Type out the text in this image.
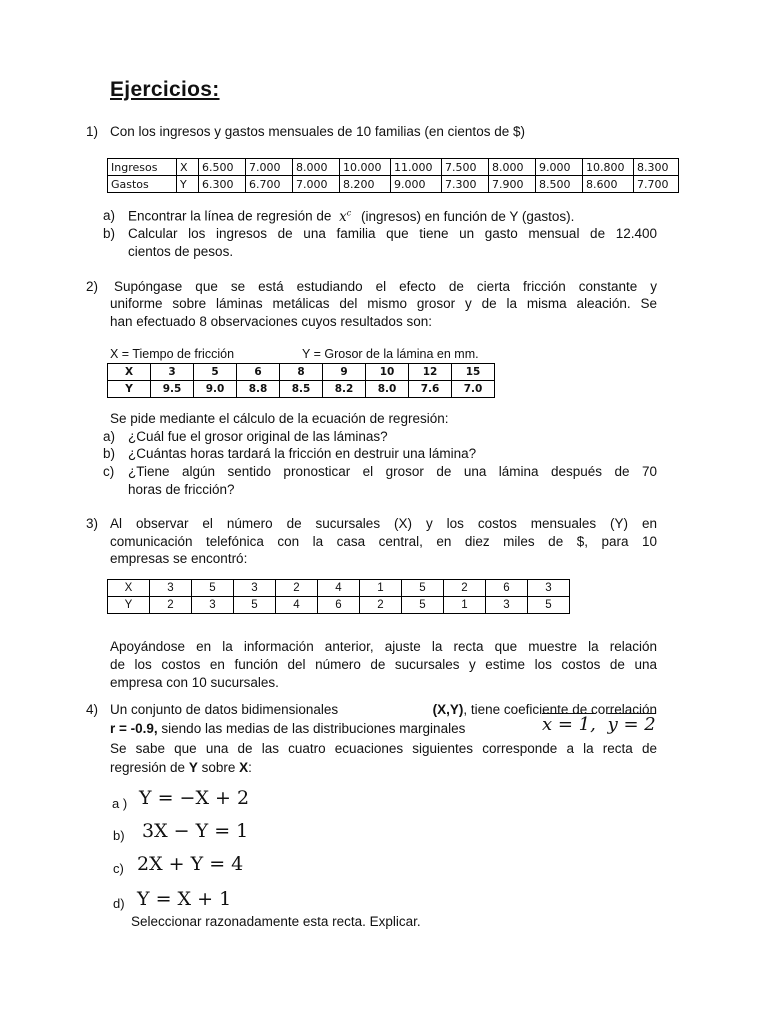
Ejercicios:
1) Con los ingresos y gastos mensuales de 10 familias (en cientos de $)
Ingresos	X	6.500	7.000	8.000	10.000	11.000	7.500	8.000	9.000	10.800	8.300
Gastos	Y	6.300	6.700	7.000	8.200	9.000	7.300	7.900	8.500	8.600	7.700
a) Encontrar la línea de regresión de $x^c$ (ingresos) en función de Y (gastos).
b) Calcular los ingresos de una familia que tiene un gasto mensual de 12.400
cientos de pesos.
2) Supóngase que se está estudiando el efecto de cierta fricción constante y
uniforme sobre láminas metálicas del mismo grosor y de la misma aleación. Se
han efectuado 8 observaciones cuyos resultados son:
X = Tiempo de fricción	Y = Grosor de la lámina en mm.
X	3	5	6	8	9	10	12	15
Y	9.5	9.0	8.8	8.5	8.2	8.0	7.6	7.0
Se pide mediante el cálculo de la ecuación de regresión:
a) ¿Cuál fue el grosor original de las láminas?
b) ¿Cuántas horas tardará la fricción en destruir una lámina?
c) ¿Tiene algún sentido pronosticar el grosor de una lámina después de 70
horas de fricción?
3) Al observar el número de sucursales (X) y los costos mensuales (Y) en
comunicación telefónica con la casa central, en diez miles de $, para 10
empresas se encontró:
X	3	5	3	2	4	1	5	2	6	3
Y	2	3	5	4	6	2	5	1	3	5
Apoyándose en la información anterior, ajuste la recta que muestre la relación
de los costos en función del número de sucursales y estime los costos de una
empresa con 10 sucursales.
4) Un conjunto de datos bidimensionales	(X,Y), tiene coeficiente de correlación
r = -0.9, siendo las medias de las distribuciones marginales	x = 1, y = 2
Se sabe que una de las cuatro ecuaciones siguientes corresponde a la recta de
regresión de Y sobre X:
a ) Y = −X + 2
b) 3X − Y = 1
c) 2X + Y = 4
d) Y = X + 1
Seleccionar razonadamente esta recta. Explicar.
